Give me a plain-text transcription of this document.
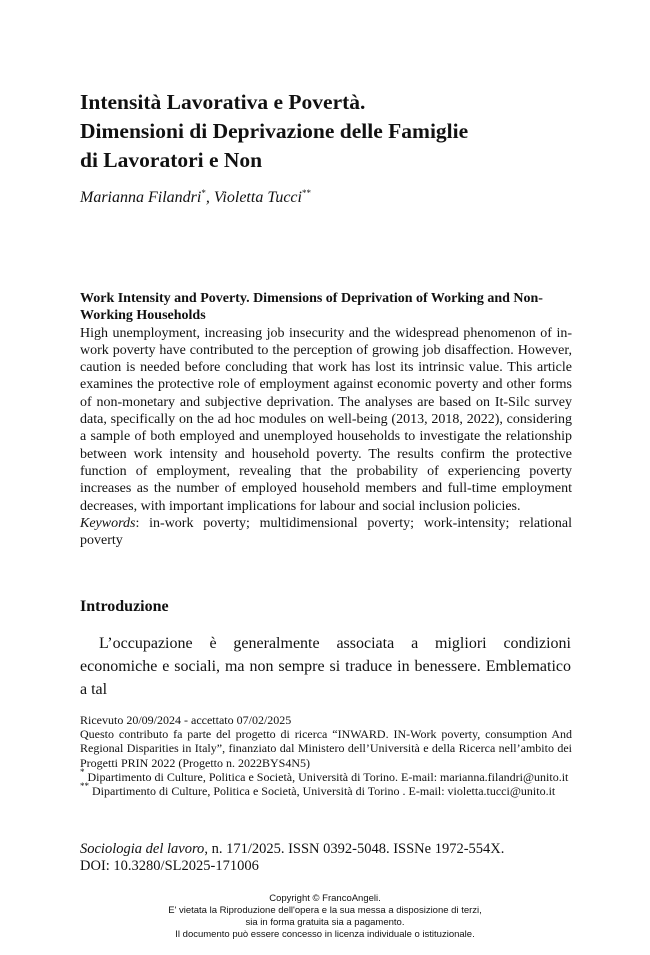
Intensità Lavorativa e Povertà.
Dimensioni di Deprivazione delle Famiglie
di Lavoratori e Non
Marianna Filandri*, Violetta Tucci**
Work Intensity and Poverty. Dimensions of Deprivation of Working and Non-Working Households
High unemployment, increasing job insecurity and the widespread phenomenon of in-work poverty have contributed to the perception of growing job disaffection. However, caution is needed before concluding that work has lost its intrinsic value. This article examines the protective role of employment against economic poverty and other forms of non-monetary and subjective deprivation. The analyses are based on It-Silc survey data, specifically on the ad hoc modules on well-being (2013, 2018, 2022), considering a sample of both employed and unemployed households to investigate the relationship between work intensity and household poverty. The results confirm the protective function of employment, revealing that the probability of experiencing poverty increases as the number of employed household members and full-time employment decreases, with important implications for labour and social inclusion policies.
Keywords: in-work poverty; multidimensional poverty; work-intensity; relational poverty
Introduzione
L’occupazione è generalmente associata a migliori condizioni economiche e sociali, ma non sempre si traduce in benessere. Emblematico a tal

Ricevuto 20/09/2024 - accettato 07/02/2025

Questo contributo fa parte del progetto di ricerca “INWARD. IN-Work poverty, consumption And Regional Disparities in Italy”, finanziato dal Ministero dell’Università e della Ricerca nell’ambito dei Progetti PRIN 2022 (Progetto n. 2022BYS4N5)

* Dipartimento di Culture, Politica e Società, Università di Torino. E-mail: marianna.filandri@unito.it

** Dipartimento di Culture, Politica e Società, Università di Torino . E-mail: violetta.tucci@unito.it

Sociologia del lavoro, n. 171/2025. ISSN 0392-5048. ISSNe 1972-554X.
DOI: 10.3280/SL2025-171006
Copyright © FrancoAngeli.
E' vietata la Riproduzione dell'opera e la sua messa a disposizione di terzi,
sia in forma gratuita sia a pagamento.
Il documento può essere concesso in licenza individuale o istituzionale.
